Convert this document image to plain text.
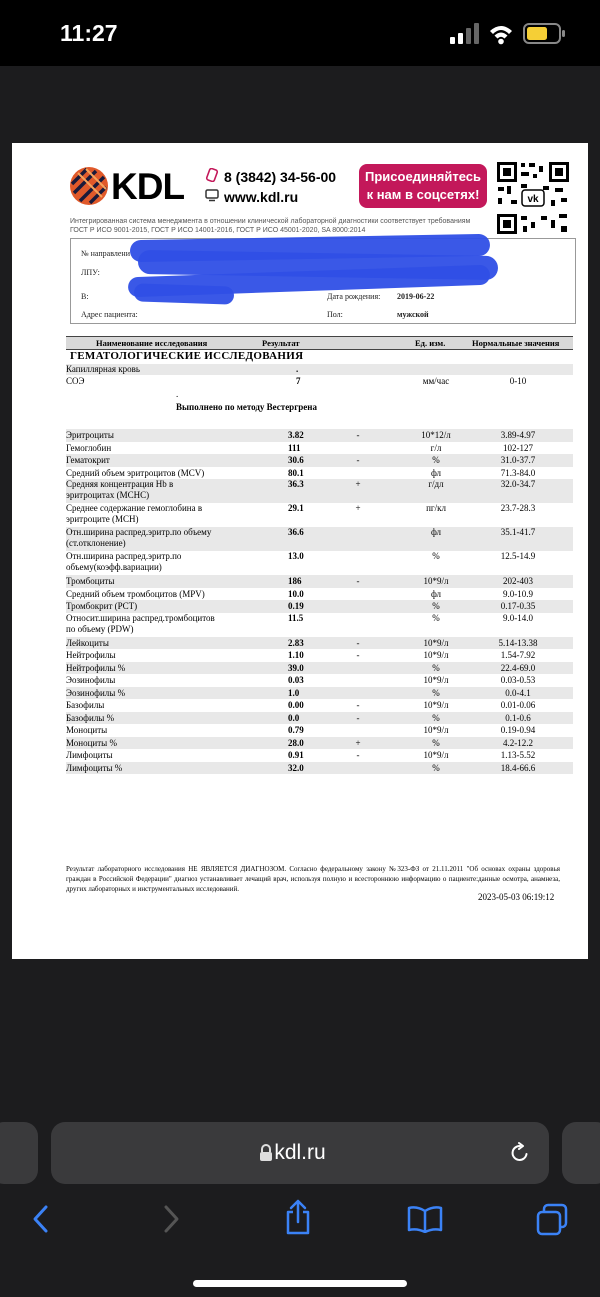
11:27
KDL	8 (3842) 34-56-00
www.kdl.ru
Присоединяйтесь
к нам в соцсетях!	vk
Интегрированная система менеджмента в отношении клинической лабораторной диагностики соответствует требованиям
ГОСТ Р ИСО 9001-2015, ГОСТ Р ИСО 14001-2016, ГОСТ Р ИСО 45001-2020, SA 8000:2014
№ направлени
ЛПУ:
В:
Адрес пациента:
Дата рождения: 2019-06-22
Пол:	мужской
Наименование исследования	Результат	Ед. изм.	Нормальные значения
ГЕМАТОЛОГИЧЕСКИЕ ИССЛЕДОВАНИЯ
Капиллярная кровь	.
СОЭ	7	мм/час	0-10
.
Выполнено по методу Вестергрена
Эритроциты	3.82	-	10*12/л	3.89-4.97
Гемоглобин	111	г/л	102-127
Гематокрит	30.6	-	%	31.0-37.7
Средний объем эритроцитов (MCV)	80.1	фл	71.3-84.0
Средняя концентрация Hb в
эритроцитах (MCHC)
36.3	+	г/дл	32.0-34.7
Среднее содержание гемоглобина в
эритроците (MCH)
29.1	+	пг/кл	23.7-28.3
Отн.ширина распред.эритр.по объему
(ст.отклонение)
36.6	фл	35.1-41.7
Отн.ширина распред.эритр.по
объему(коэфф.вариации)
13.0	%	12.5-14.9
Тромбоциты	186	-	10*9/л	202-403
Средний объем тромбоцитов (MPV)	10.0	фл	9.0-10.9
Тромбокрит (PCT)	0.19	%	0.17-0.35
Относит.ширина распред.тромбоцитов
по объему (PDW)
11.5	%	9.0-14.0
Лейкоциты	2.83	-	10*9/л	5.14-13.38
Нейтрофилы	1.10	-	10*9/л	1.54-7.92
Нейтрофилы %	39.0	%	22.4-69.0
Эозинофилы	0.03	10*9/л	0.03-0.53
Эозинофилы %	1.0	%	0.0-4.1
Базофилы	0.00	-	10*9/л	0.01-0.06
Базофилы %	0.0	-	%	0.1-0.6
Моноциты	0.79	10*9/л	0.19-0.94
Моноциты %	28.0	+	%	4.2-12.2
Лимфоциты	0.91	-	10*9/л	1.13-5.52
Лимфоциты %	32.0	%	18.4-66.6
Результат лабораторного исследования НЕ ЯВЛЯЕТСЯ ДИАГНОЗОМ. Согласно федеральному закону №323-ФЗ от 21.11.2011 "Об основах охраны здоровья граждан в Российской Федерации" диагноз устанавливает лечащий врач, используя полную и всестороннюю информацию о пациенте:данные осмотра, анамнеза, других лабораторных и инструментальных исследований.
2023-05-03 06:19:12
kdl.ru
